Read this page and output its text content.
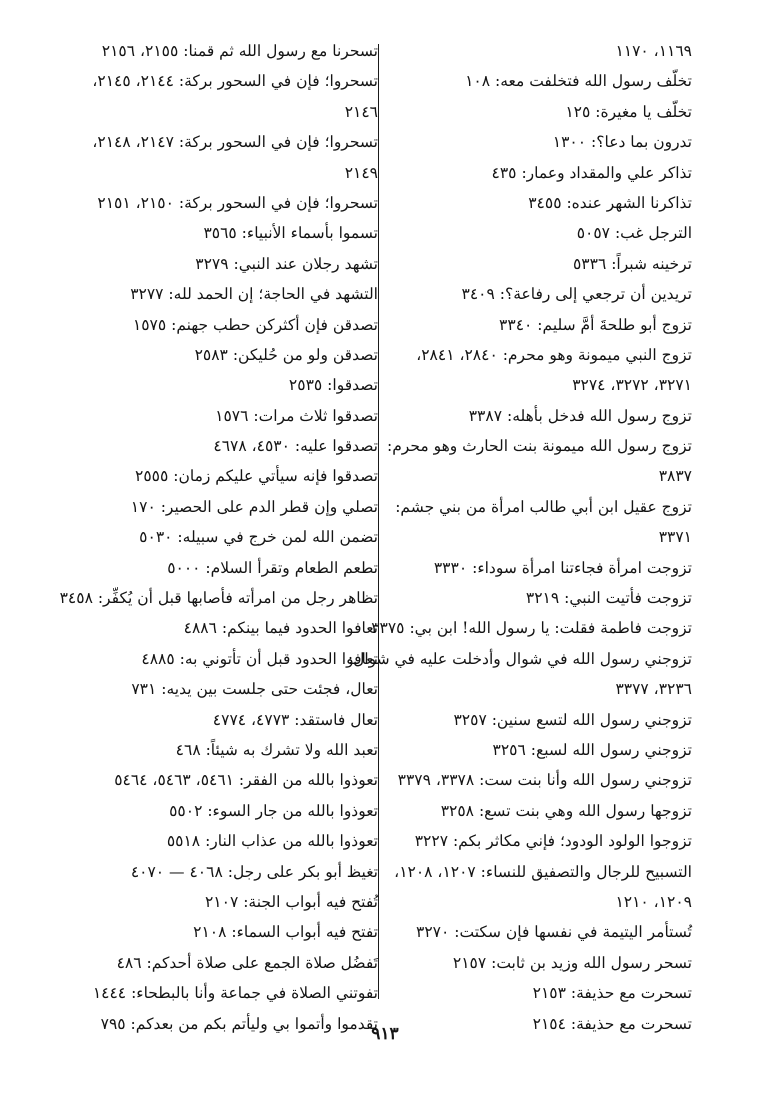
١١٦٩، ١١٧٠
تخلّف رسول الله فتخلفت معه: ١٠٨
تخلّف يا مغيرة: ١٢٥
تدرون بما دعا؟: ١٣٠٠
تذاكر علي والمقداد وعمار: ٤٣٥
تذاكرنا الشهر عنده: ٣٤٥٥
الترجل غب: ٥٠٥٧
ترخينه شبراً: ٥٣٣٦
تريدين أن ترجعي إلى رفاعة؟: ٣٤٠٩
تزوج أبو طلحةَ أمَّ سليم: ٣٣٤٠
تزوج النبي ميمونة وهو محرم: ٢٨٤٠، ٢٨٤١،
٣٢٧١، ٣٢٧٢، ٣٢٧٤
تزوج رسول الله فدخل بأهله: ٣٣٨٧
تزوج رسول الله ميمونة بنت الحارث وهو محرم:
٣٨٣٧
تزوج عقيل ابن أبي طالب امرأة من بني جشم:
٣٣٧١
تزوجت امرأة فجاءتنا امرأة سوداء: ٣٣٣٠
تزوجت فأتيت النبي: ٣٢١٩
تزوجت فاطمة فقلت: يا رسول الله! ابن بي: ٣٣٧٥
تزوجني رسول الله في شوال وأدخلت عليه في شوال:
٣٢٣٦، ٣٣٧٧
تزوجني رسول الله لتسع سنين: ٣٢٥٧
تزوجني رسول الله لسبع: ٣٢٥٦
تزوجني رسول الله وأنا بنت ست: ٣٣٧٨، ٣٣٧٩
تزوجها رسول الله وهي بنت تسع: ٣٢٥٨
تزوجوا الولود الودود؛ فإني مكاثر بكم: ٣٢٢٧
التسبيح للرجال والتصفيق للنساء: ١٢٠٧، ١٢٠٨،
١٢٠٩، ١٢١٠
تُستأمر اليتيمة في نفسها فإن سكتت: ٣٢٧٠
تسحر رسول الله وزيد بن ثابت: ٢١٥٧
تسحرت مع حذيفة: ٢١٥٣
تسحرت مع حذيفة: ٢١٥٤
تسحرنا مع رسول الله ثم قمنا: ٢١٥٥، ٢١٥٦
تسحروا؛ فإن في السحور بركة: ٢١٤٤، ٢١٤٥،
٢١٤٦
تسحروا؛ فإن في السحور بركة: ٢١٤٧، ٢١٤٨،
٢١٤٩
تسحروا؛ فإن في السحور بركة: ٢١٥٠، ٢١٥١
تسموا بأسماء الأنبياء: ٣٥٦٥
تشهد رجلان عند النبي: ٣٢٧٩
التشهد في الحاجة؛ إن الحمد لله: ٣٢٧٧
تصدقن فإن أكثركن حطب جهنم: ١٥٧٥
تصدقن ولو من حُليكن: ٢٥٨٣
تصدقوا: ٢٥٣٥
تصدقوا ثلاث مرات: ١٥٧٦
تصدقوا عليه: ٤٥٣٠، ٤٦٧٨
تصدقوا فإنه سيأتي عليكم زمان: ٢٥٥٥
تصلي وإن قطر الدم على الحصير: ١٧٠
تضمن الله لمن خرج في سبيله: ٥٠٣٠
تطعم الطعام وتقرأ السلام: ٥٠٠٠
تظاهر رجل من امرأته فأصابها قبل أن يُكفِّر: ٣٤٥٨
تعافوا الحدود فيما بينكم: ٤٨٨٦
تعافوا الحدود قبل أن تأتوني به: ٤٨٨٥
تعال، فجئت حتى جلست بين يديه: ٧٣١
تعال فاستقد: ٤٧٧٣، ٤٧٧٤
تعبد الله ولا تشرك به شيئاً: ٤٦٨
تعوذوا بالله من الفقر: ٥٤٦١، ٥٤٦٣، ٥٤٦٤
تعوذوا بالله من جار السوء: ٥٥٠٢
تعوذوا بالله من عذاب النار: ٥٥١٨
تغيظ أبو بكر على رجل: ٤٠٦٨ — ٤٠٧٠
تُفتح فيه أبواب الجنة: ٢١٠٧
تفتح فيه أبواب السماء: ٢١٠٨
تَفضُل صلاة الجمع على صلاة أحدكم: ٤٨٦
تفوتني الصلاة في جماعة وأنا بالبطحاء: ١٤٤٤
تقدموا وأتموا بي وليأتم بكم من بعدكم: ٧٩٥
٩١٣
